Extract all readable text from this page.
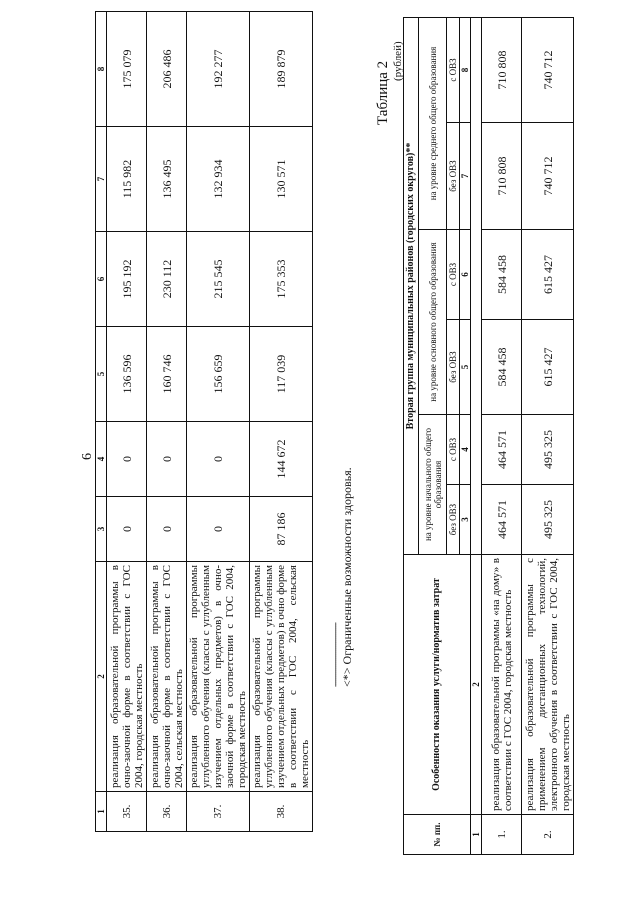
6
1	2	3	4	5	6	7	8
35.	реализация образовательной программы в очно-заочной форме в соответствии с ГОС 2004, городская местность	0	0	136 596	195 192	115 982	175 079
36.	реализация образовательной программы в очно-заочной форме в соответствии с ГОС 2004, сельская местность	0	0	160 746	230 112	136 495	206 486
37.	реализация образовательной программы углубленного обучения (классы с углубленным изучением отдельных предметов) в очно-заочной форме в соответствии с ГОС 2004, городская местность	0	0	156 659	215 545	132 934	192 277
38.	реализация образовательной программы углубленного обучения (классы с углубленным изучением отдельных предметов) в очно форме в соответствии с ГОС 2004, сельская местность	87 186	144 672	117 039	175 353	130 571	189 879
-------------------------------- <*> Ограниченные возможности здоровья.
Таблица 2 (рублей)
№ пп.	Особенности оказания услуги/норматив затрат	Вторая группа муниципальных районов (городских округов)**					
		на уровне начального общего образования		на уровне основного общего образования		на уровне среднего общего образования	
		без ОВЗ	с ОВЗ	без ОВЗ	с ОВЗ	без ОВЗ	с ОВЗ
		3	4	5	6	7	8
1	2						
1.	реализация образовательной программы «на дому» в соответствии с ГОС 2004, городская местность	464 571	464 571	584 458	584 458	710 808	710 808
2.	реализация образовательной программы с применением дистанционных технологий, электронного обучения в соответствии с ГОС 2004, городская местность	495 325	495 325	615 427	615 427	740 712	740 712
